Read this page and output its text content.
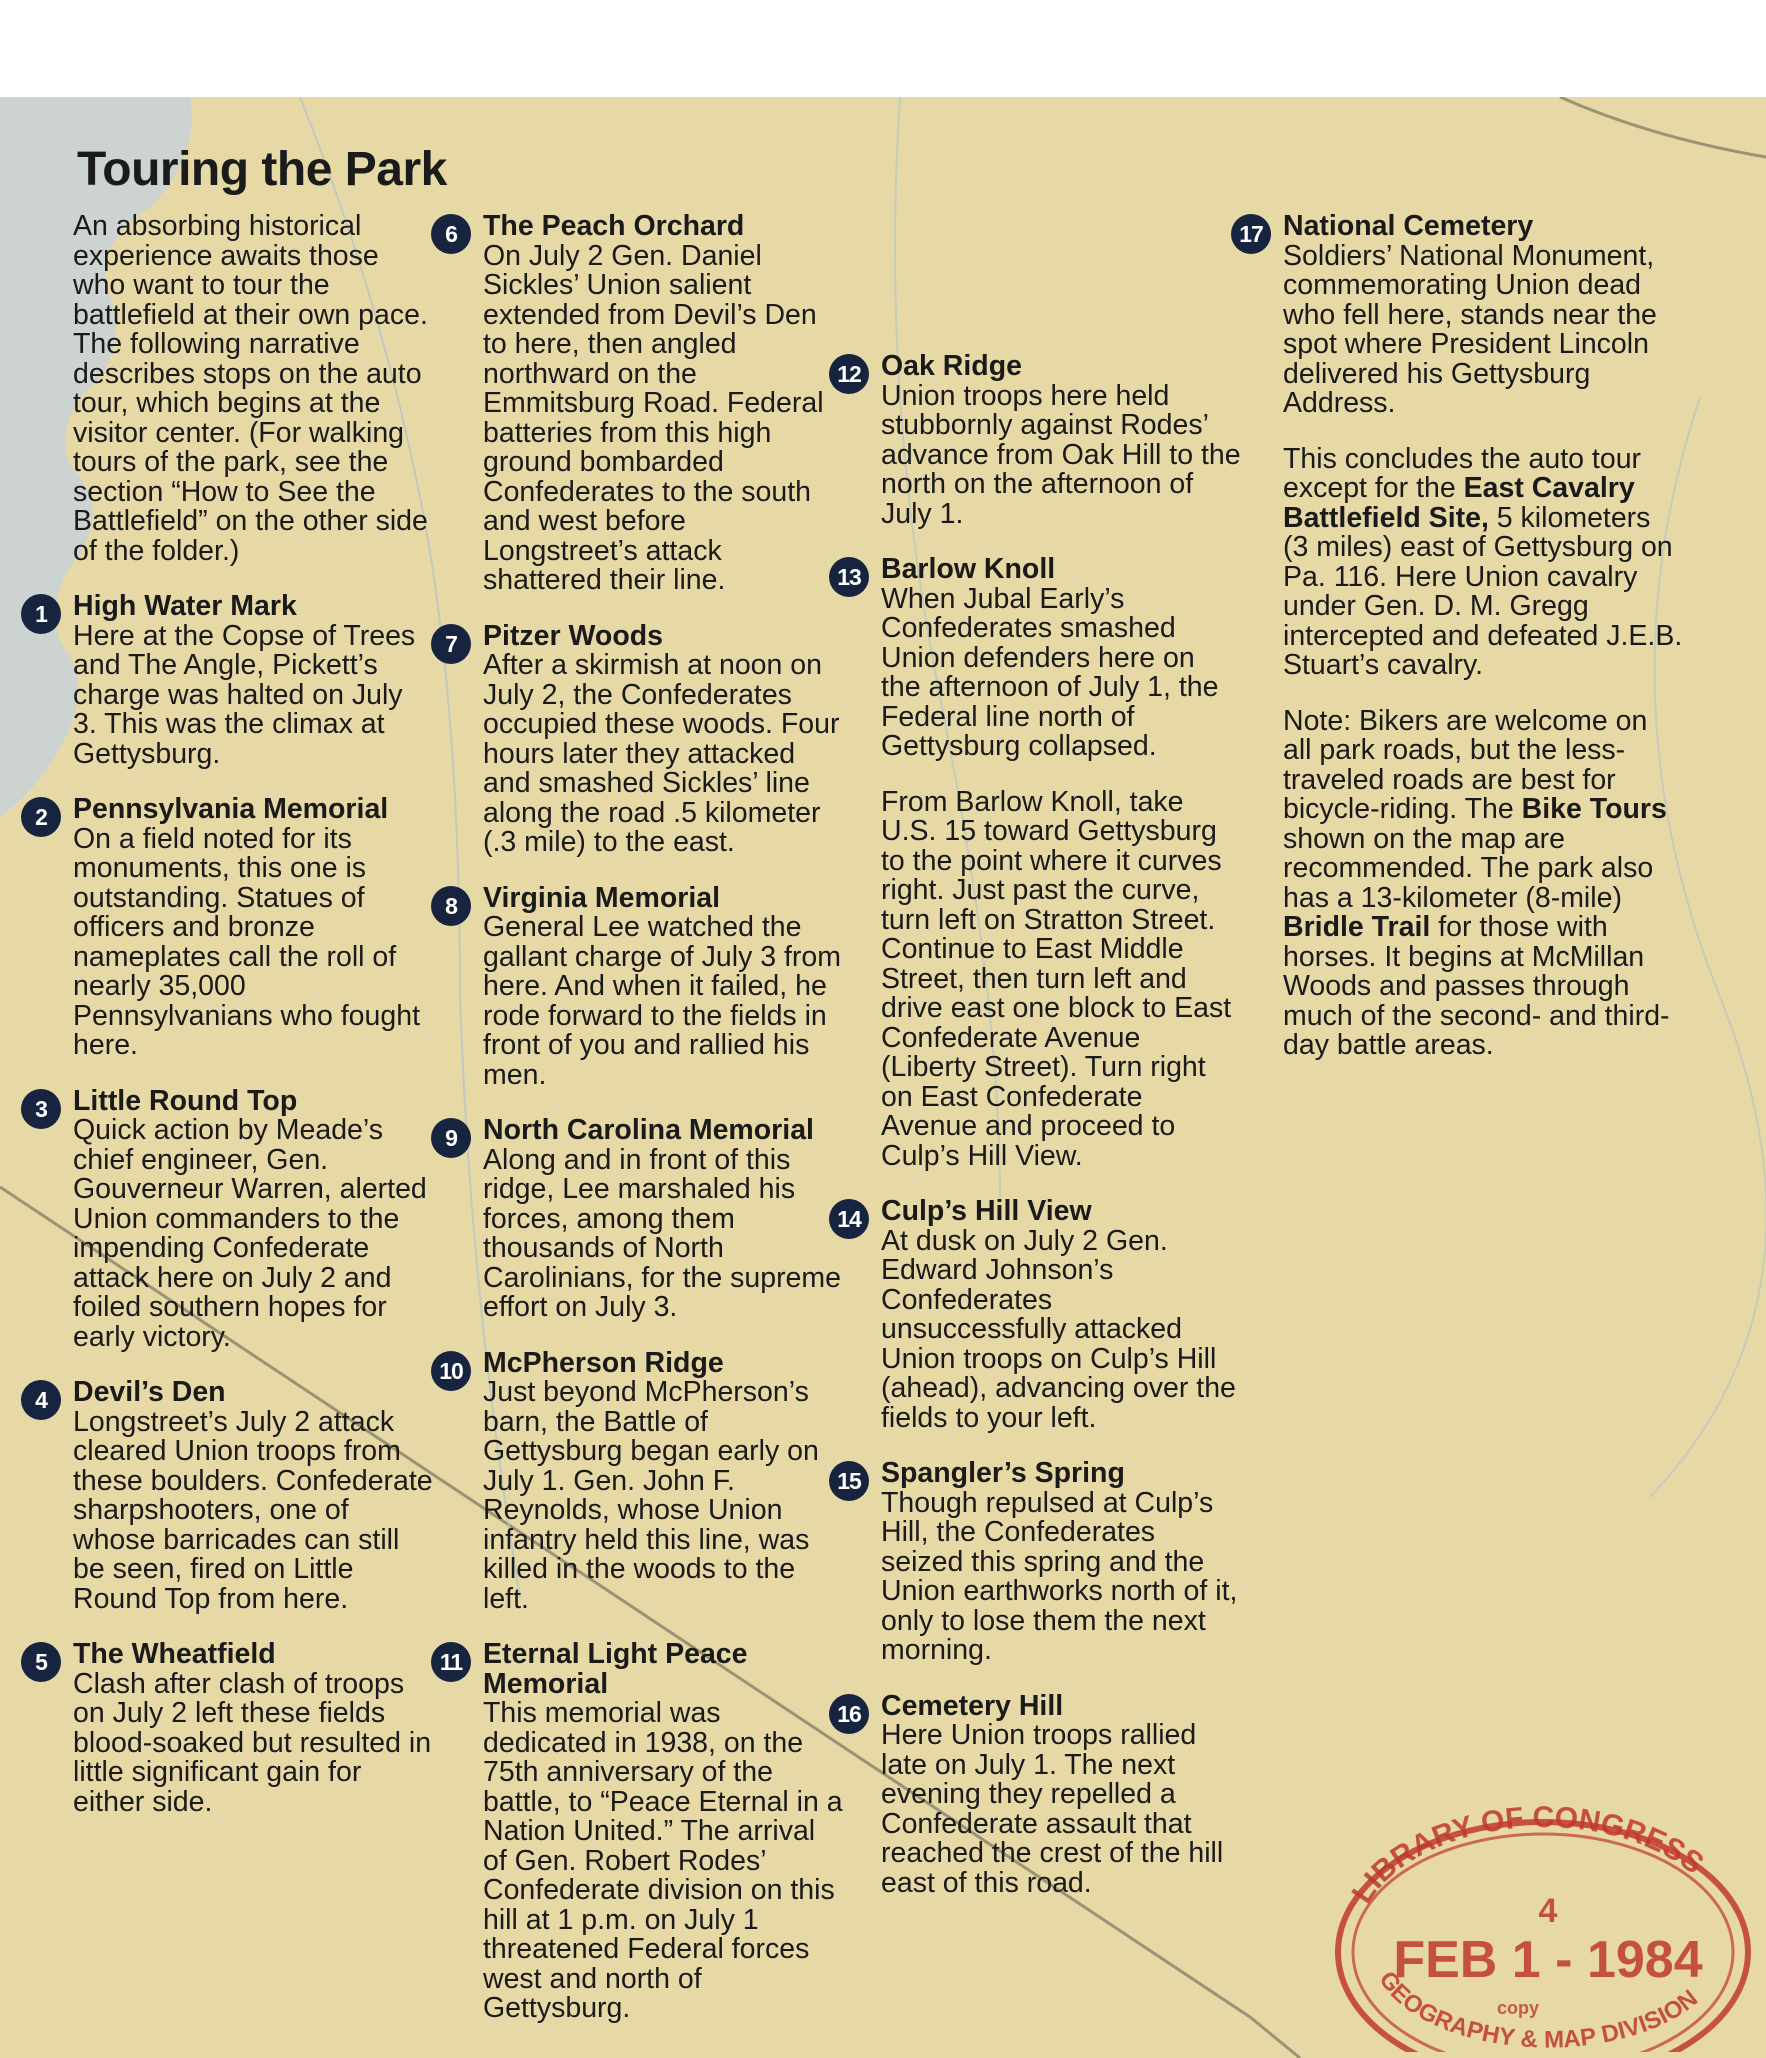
Touring the Park

An absorbing historical experience awaits those who want to tour the battlefield at their own pace. The following narrative describes stops on the auto tour, which begins at the visitor center. (For walking tours of the park, see the section “How to See the Battlefield” on the other side of the folder.)

1 High Water Mark
Here at the Copse of Trees and The Angle, Pickett’s charge was halted on July 3. This was the climax at Gettysburg.
2 Pennsylvania Memorial
On a field noted for its monuments, this one is outstanding. Statues of officers and bronze nameplates call the roll of nearly 35,000 Pennsylvanians who fought here.
3 Little Round Top
Quick action by Meade’s chief engineer, Gen. Gouverneur Warren, alerted Union commanders to the impending Confederate attack here on July 2 and foiled southern hopes for early victory.
4 Devil’s Den
Longstreet’s July 2 attack cleared Union troops from these boulders. Confederate sharpshooters, one of whose barricades can still be seen, fired on Little Round Top from here.
5 The Wheatfield
Clash after clash of troops on July 2 left these fields blood-soaked but resulted in little significant gain for either side.
6 The Peach Orchard
On July 2 Gen. Daniel Sickles’ Union salient extended from Devil’s Den to here, then angled northward on the Emmitsburg Road. Federal batteries from this high ground bombarded Confederates to the south and west before Longstreet’s attack shattered their line.
7 Pitzer Woods
After a skirmish at noon on July 2, the Confederates occupied these woods. Four hours later they attacked and smashed Sickles’ line along the road .5 kilometer (.3 mile) to the east.
8 Virginia Memorial
General Lee watched the gallant charge of July 3 from here. And when it failed, he rode forward to the fields in front of you and rallied his men.
9 North Carolina Memorial
Along and in front of this ridge, Lee marshaled his forces, among them thousands of North Carolinians, for the supreme effort on July 3.
10 McPherson Ridge
Just beyond McPherson’s barn, the Battle of Gettysburg began early on July 1. Gen. John F. Reynolds, whose Union infantry held this line, was killed in the woods to the left.
11 Eternal Light Peace Memorial
This memorial was dedicated in 1938, on the 75th anniversary of the battle, to “Peace Eternal in a Nation United.” The arrival of Gen. Robert Rodes’ Confederate division on this hill at 1 p.m. on July 1 threatened Federal forces west and north of Gettysburg.
12 Oak Ridge
Union troops here held stubbornly against Rodes’ advance from Oak Hill to the north on the afternoon of July 1.
13 Barlow Knoll
When Jubal Early’s Confederates smashed Union defenders here on the afternoon of July 1, the Federal line north of Gettysburg collapsed.

From Barlow Knoll, take U.S. 15 toward Gettysburg to the point where it curves right. Just past the curve, turn left on Stratton Street. Continue to East Middle Street, then turn left and drive east one block to East Confederate Avenue (Liberty Street). Turn right on East Confederate Avenue and proceed to Culp’s Hill View.

14 Culp’s Hill View
At dusk on July 2 Gen. Edward Johnson’s Confederates unsuccessfully attacked Union troops on Culp’s Hill (ahead), advancing over the fields to your left.
15 Spangler’s Spring
Though repulsed at Culp’s Hill, the Confederates seized this spring and the Union earthworks north of it, only to lose them the next morning.
16 Cemetery Hill
Here Union troops rallied late on July 1. The next evening they repelled a Confederate assault that reached the crest of the hill east of this road.
17 National Cemetery
Soldiers’ National Monument, commemorating Union dead who fell here, stands near the spot where President Lincoln delivered his Gettysburg Address.

This concludes the auto tour except for the East Cavalry Battlefield Site, 5 kilometers (3 miles) east of Gettysburg on Pa. 116. Here Union cavalry under Gen. D. M. Gregg intercepted and defeated J.E.B. Stuart’s cavalry.

Note: Bikers are welcome on all park roads, but the less-traveled roads are best for bicycle-riding. The Bike Tours shown on the map are recommended. The park also has a 13-kilometer (8-mile) Bridle Trail for those with horses. It begins at McMillan Woods and passes through much of the second- and third-day battle areas.

LIBRARY OF CONGRESS
4
FEB 1 - 1984
copy
GEOGRAPHY & MAP DIVISION
